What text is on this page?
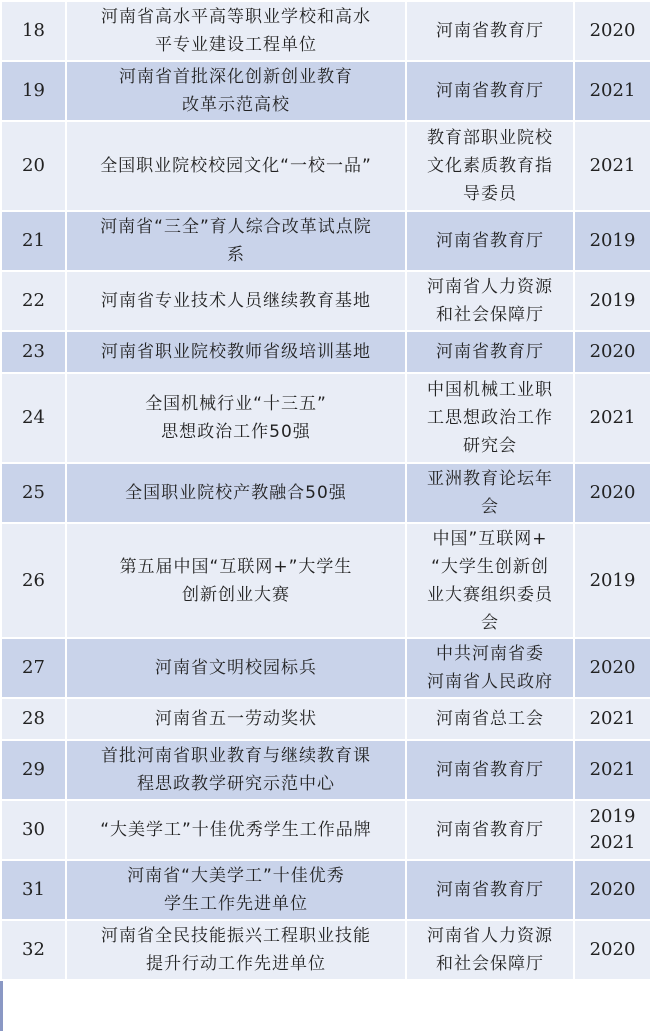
18	河南省高水平高等职业学校和高水
平专业建设工程单位	河南省教育厅	2020

19	河南省首批深化创新创业教育
改革示范高校	河南省教育厅	2021

20	全国职业院校校园文化“一校一品”	教育部职业院校
文化素质教育指
导委员	2021

21	河南省“三全”育人综合改革试点院
系	河南省教育厅	2019

22	河南省专业技术人员继续教育基地	河南省人力资源
和社会保障厅	2019

23	河南省职业院校教师省级培训基地	河南省教育厅	2020

24	全国机械行业“十三五”
思想政治工作50强	中国机械工业职
工思想政治工作
研究会	2021

25	全国职业院校产教融合50强	亚洲教育论坛年
会	2020

26	第五届中国“互联网+”大学生
创新创业大赛	中国”互联网+
“大学生创新创
业大赛组织委员
会	2019

27	河南省文明校园标兵	中共河南省委
河南省人民政府	2020

28	河南省五一劳动奖状	河南省总工会	2021

29	首批河南省职业教育与继续教育课
程思政教学研究示范中心	河南省教育厅	2021

30	“大美学工”十佳优秀学生工作品牌	河南省教育厅	2019
2021

31	河南省“大美学工”十佳优秀
学生工作先进单位	河南省教育厅	2020

32	河南省全民技能振兴工程职业技能
提升行动工作先进单位	河南省人力资源
和社会保障厅	2020
